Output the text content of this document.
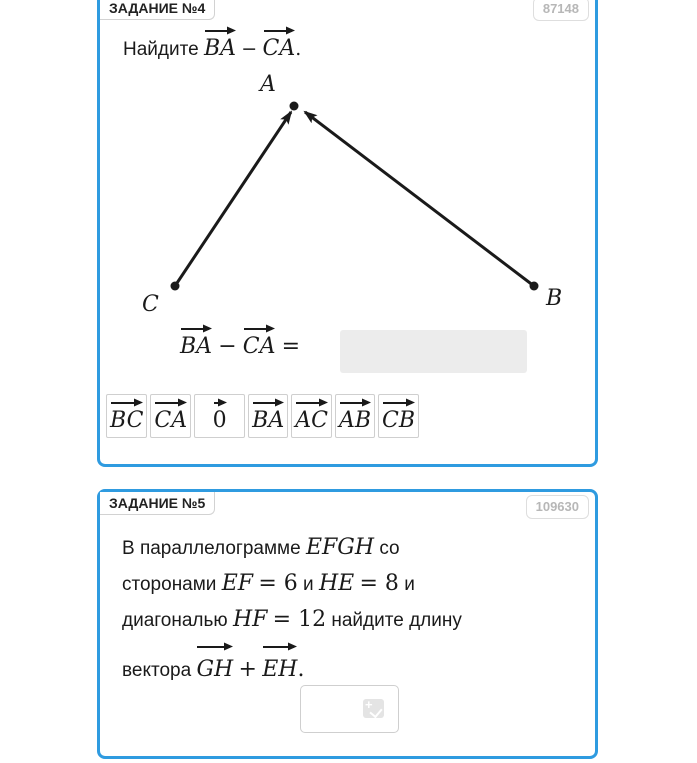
ЗАДАНИЕ №4	87148
Найдите BA − CA.
A
B
C
BA − CA =
BC CA 0 BA AC AB CB
ЗАДАНИЕ №5	109630
В параллелограмме EFGH со
сторонами EF = 6 и HE = 8 и
диагональю HF = 12 найдите длину
вектора GH + EH.
+
